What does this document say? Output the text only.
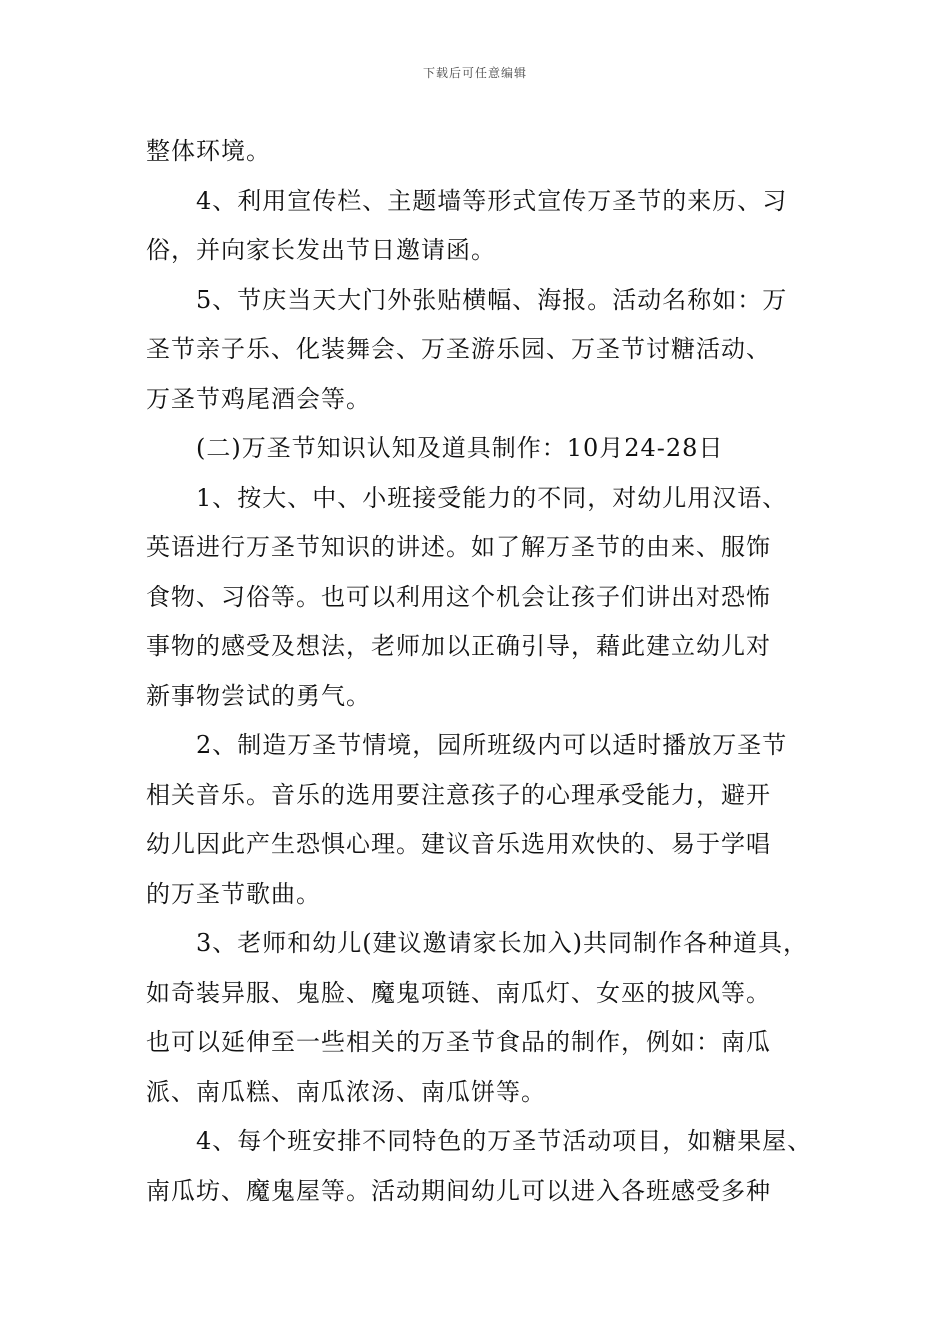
下载后可任意编辑
整体环境。
4、利用宣传栏、主题墙等形式宣传万圣节的来历、习
俗，并向家长发出节日邀请函。
5、节庆当天大门外张贴横幅、海报。活动名称如：万
圣节亲子乐、化装舞会、万圣游乐园、万圣节讨糖活动、
万圣节鸡尾酒会等。
(二)万圣节知识认知及道具制作：10月24-28日
1、按大、中、小班接受能力的不同，对幼儿用汉语、
英语进行万圣节知识的讲述。如了解万圣节的由来、服饰
食物、习俗等。也可以利用这个机会让孩子们讲出对恐怖
事物的感受及想法，老师加以正确引导，藉此建立幼儿对
新事物尝试的勇气。
2、制造万圣节情境，园所班级内可以适时播放万圣节
相关音乐。音乐的选用要注意孩子的心理承受能力，避开
幼儿因此产生恐惧心理。建议音乐选用欢快的、易于学唱
的万圣节歌曲。
3、老师和幼儿(建议邀请家长加入)共同制作各种道具，
如奇装异服、鬼脸、魔鬼项链、南瓜灯、女巫的披风等。
也可以延伸至一些相关的万圣节食品的制作，例如：南瓜
派、南瓜糕、南瓜浓汤、南瓜饼等。
4、每个班安排不同特色的万圣节活动项目，如糖果屋、
南瓜坊、魔鬼屋等。活动期间幼儿可以进入各班感受多种
